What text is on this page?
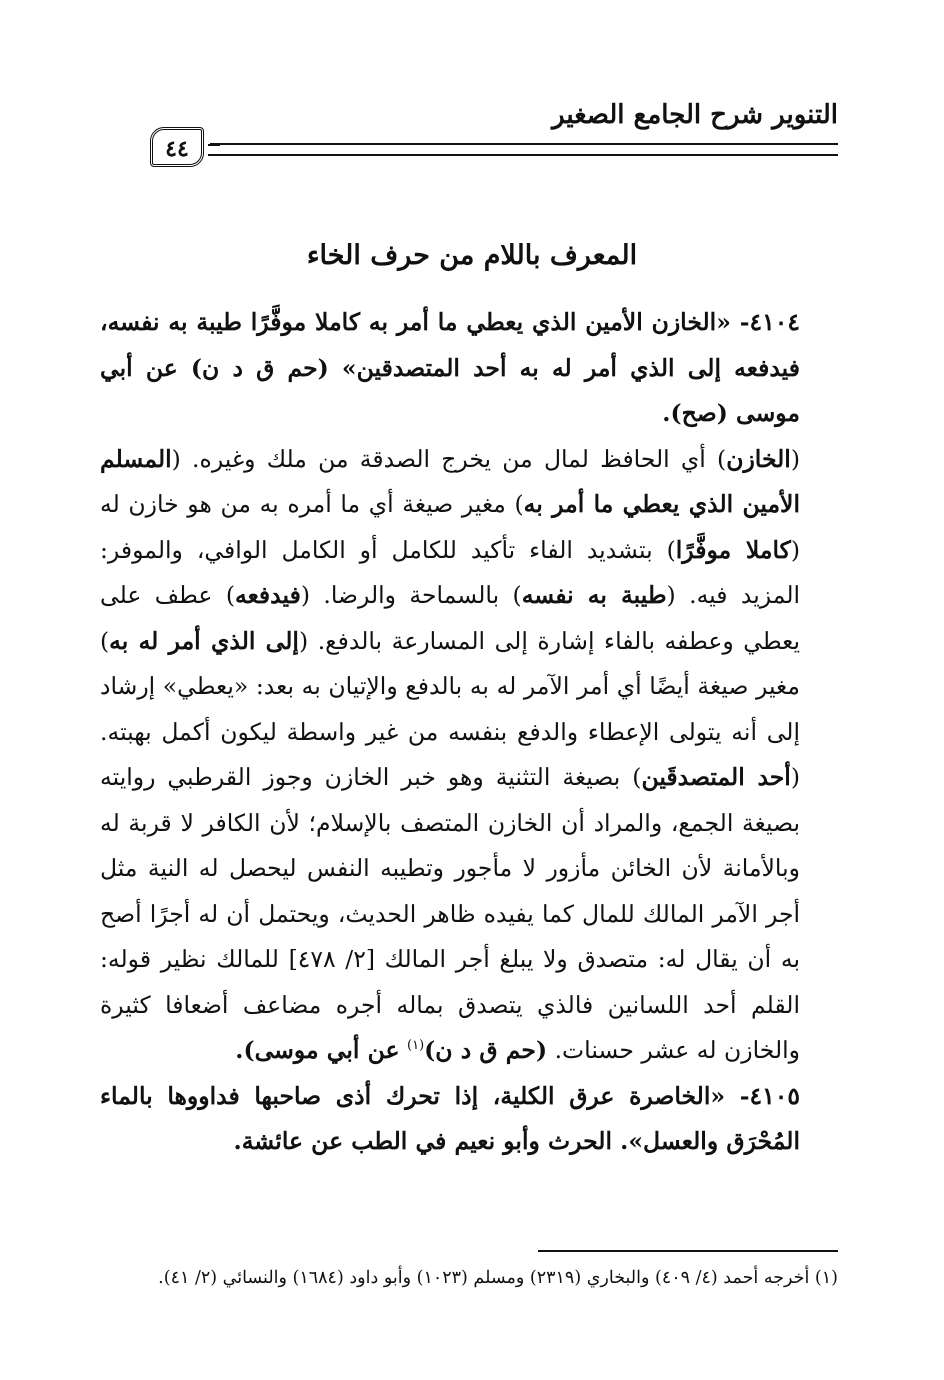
التنوير شرح الجامع الصغير
٤٤
المعرف باللام من حرف الخاء

٤١٠٤- «الخازن الأمين الذي يعطي ما أمر به كاملا موفَّرًا طيبة به نفسه، فيدفعه إلى الذي أمر له به أحد المتصدقين» (حم ق د ن) عن أبي موسى (صح).

(الخازن) أي الحافظ لمال من يخرج الصدقة من ملك وغيره. (المسلم الأمين الذي يعطي ما أمر به) مغير صيغة أي ما أمره به من هو خازن له (كاملا موفَّرًا) بتشديد الفاء تأكيد للكامل أو الكامل الوافي، والموفر: المزيد فيه. (طيبة به نفسه) بالسماحة والرضا. (فيدفعه) عطف على يعطي وعطفه بالفاء إشارة إلى المسارعة بالدفع. (إلى الذي أمر له به) مغير صيغة أيضًا أي أمر الآمر له به بالدفع والإتيان به بعد: «يعطي» إرشاد إلى أنه يتولى الإعطاء والدفع بنفسه من غير واسطة ليكون أكمل بهبته. (أحد المتصدقَين) بصيغة التثنية وهو خبر الخازن وجوز القرطبي روايته بصيغة الجمع، والمراد أن الخازن المتصف بالإسلام؛ لأن الكافر لا قربة له وبالأمانة لأن الخائن مأزور لا مأجور وتطيبه النفس ليحصل له النية مثل أجر الآمر المالك للمال كما يفيده ظاهر الحديث، ويحتمل أن له أجرًا أصح به أن يقال له: متصدق ولا يبلغ أجر المالك [٢/ ٤٧٨] للمالك نظير قوله: القلم أحد اللسانين فالذي يتصدق بماله أجره مضاعف أضعافا كثيرة والخازن له عشر حسنات. (حم ق د ن)$^{(١)}$ عن أبي موسى).

٤١٠٥- «الخاصرة عرق الكلية، إذا تحرك أذى صاحبها فداووها بالماء المُحْرَق والعسل». الحرث وأبو نعيم في الطب عن عائشة.

(١) أخرجه أحمد (٤/ ٤٠٩) والبخاري (٢٣١٩) ومسلم (١٠٢٣) وأبو داود (١٦٨٤) والنسائي (٢/ ٤١).
